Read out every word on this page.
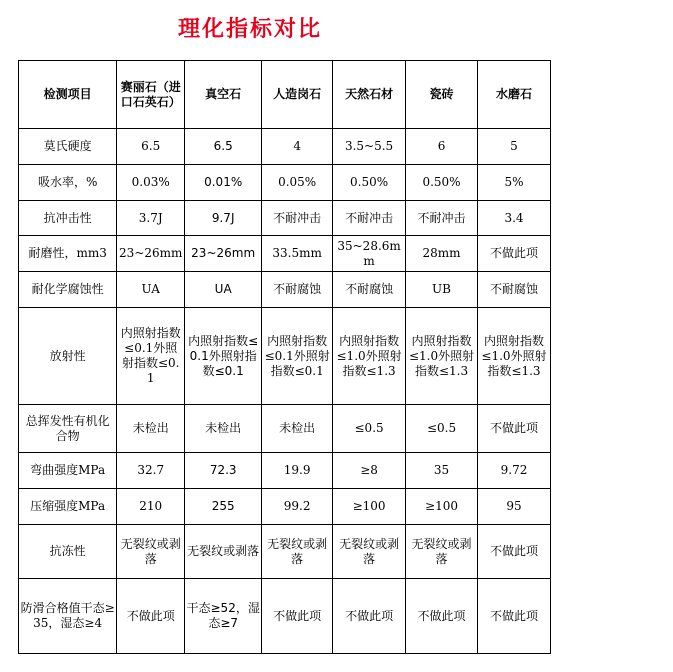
理化指标对比
检测项目	赛丽石（进口石英石）	真空石	人造岗石	天然石材	瓷砖	水磨石
莫氏硬度	6.5	6.5	4	3.5~5.5	6	5
吸水率，%	0.03%	0.01%	0.05%	0.50%	0.50%	5%
抗冲击性	3.7J	9.7J	不耐冲击	不耐冲击	不耐冲击	3.4
耐磨性，mm3	23~26mm	23~26mm	33.5mm	35~28.6mm	28mm	不做此项
耐化学腐蚀性	UA	UA	不耐腐蚀	不耐腐蚀	UB	不耐腐蚀
放射性	内照射指数≤0.1外照射指数≤0.1	内照射指数≤0.1外照射指数≤0.1	内照射指数≤0.1外照射指数≤0.1	内照射指数≤1.0外照射指数≤1.3	内照射指数≤1.0外照射指数≤1.3	内照射指数≤1.0外照射指数≤1.3
总挥发性有机化合物	未检出	未检出	未检出	≤0.5	≤0.5	不做此项
弯曲强度MPa	32.7	72.3	19.9	≥8	35	9.72
压缩强度MPa	210	255	99.2	≥100	≥100	95
抗冻性	无裂纹或剥落	无裂纹或剥落	无裂纹或剥落	无裂纹或剥落	无裂纹或剥落	不做此项
防滑合格值干态≥35，湿态≥4	不做此项	干态≥52，湿态≥7	不做此项	不做此项	不做此项	不做此项
